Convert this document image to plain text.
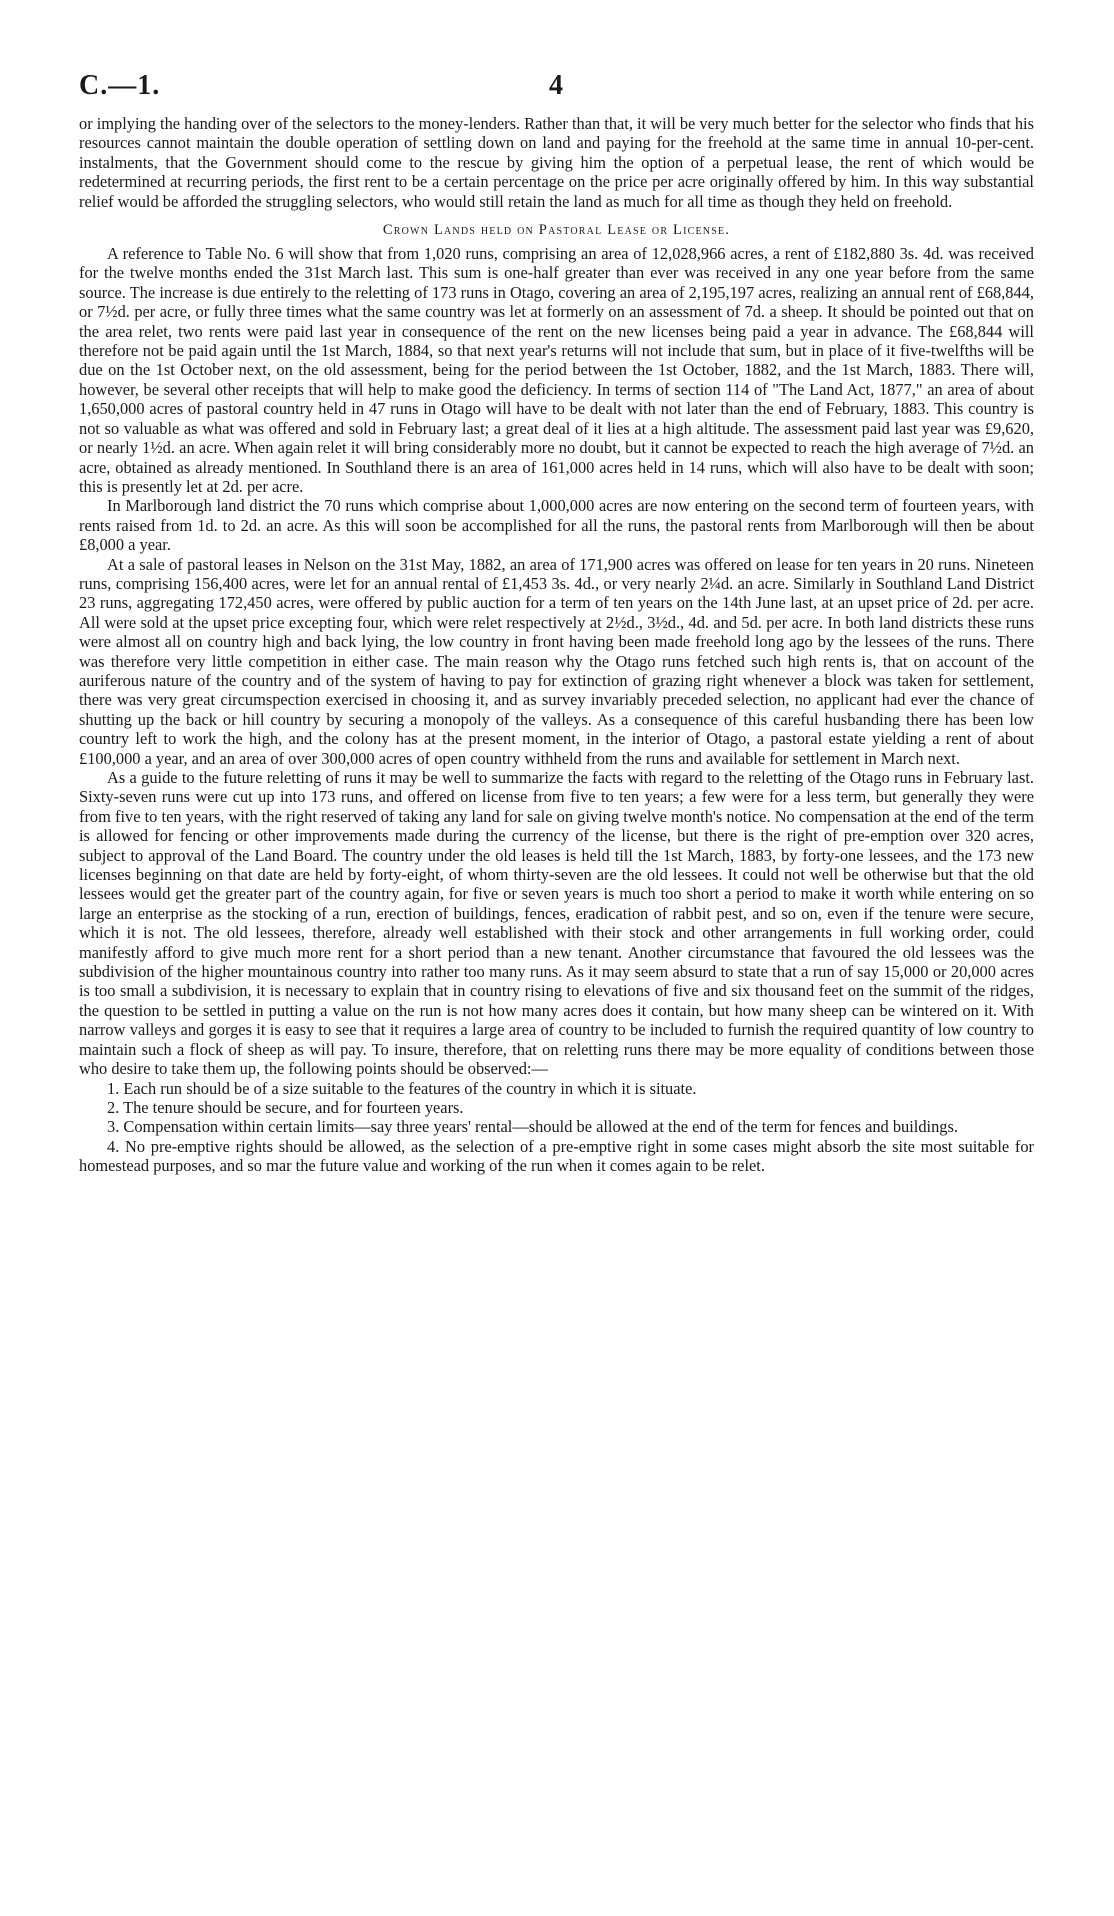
C.—1.	4

or implying the handing over of the selectors to the money-lenders. Rather than that, it will be very much better for the selector who finds that his resources cannot maintain the double operation of settling down on land and paying for the freehold at the same time in annual 10-per-cent. instalments, that the Government should come to the rescue by giving him the option of a perpetual lease, the rent of which would be redetermined at recurring periods, the first rent to be a certain percentage on the price per acre originally offered by him. In this way substantial relief would be afforded the struggling selectors, who would still retain the land as much for all time as though they held on freehold.

Crown Lands held on Pastoral Lease or License.

A reference to Table No. 6 will show that from 1,020 runs, comprising an area of 12,028,966 acres, a rent of £182,880 3s. 4d. was received for the twelve months ended the 31st March last. This sum is one-half greater than ever was received in any one year before from the same source. The increase is due entirely to the reletting of 173 runs in Otago, covering an area of 2,195,197 acres, realizing an annual rent of £68,844, or 7½d. per acre, or fully three times what the same country was let at formerly on an assessment of 7d. a sheep. It should be pointed out that on the area relet, two rents were paid last year in consequence of the rent on the new licenses being paid a year in advance. The £68,844 will therefore not be paid again until the 1st March, 1884, so that next year's returns will not include that sum, but in place of it five-twelfths will be due on the 1st October next, on the old assessment, being for the period between the 1st October, 1882, and the 1st March, 1883. There will, however, be several other receipts that will help to make good the deficiency. In terms of section 114 of "The Land Act, 1877," an area of about 1,650,000 acres of pastoral country held in 47 runs in Otago will have to be dealt with not later than the end of February, 1883. This country is not so valuable as what was offered and sold in February last; a great deal of it lies at a high altitude. The assessment paid last year was £9,620, or nearly 1½d. an acre. When again relet it will bring considerably more no doubt, but it cannot be expected to reach the high average of 7½d. an acre, obtained as already mentioned. In Southland there is an area of 161,000 acres held in 14 runs, which will also have to be dealt with soon; this is presently let at 2d. per acre.

In Marlborough land district the 70 runs which comprise about 1,000,000 acres are now entering on the second term of fourteen years, with rents raised from 1d. to 2d. an acre. As this will soon be accomplished for all the runs, the pastoral rents from Marlborough will then be about £8,000 a year.

At a sale of pastoral leases in Nelson on the 31st May, 1882, an area of 171,900 acres was offered on lease for ten years in 20 runs. Nineteen runs, comprising 156,400 acres, were let for an annual rental of £1,453 3s. 4d., or very nearly 2¼d. an acre. Similarly in Southland Land District 23 runs, aggregating 172,450 acres, were offered by public auction for a term of ten years on the 14th June last, at an upset price of 2d. per acre. All were sold at the upset price excepting four, which were relet respectively at 2½d., 3½d., 4d. and 5d. per acre. In both land districts these runs were almost all on country high and back lying, the low country in front having been made freehold long ago by the lessees of the runs. There was therefore very little competition in either case. The main reason why the Otago runs fetched such high rents is, that on account of the auriferous nature of the country and of the system of having to pay for extinction of grazing right whenever a block was taken for settlement, there was very great circumspection exercised in choosing it, and as survey invariably preceded selection, no applicant had ever the chance of shutting up the back or hill country by securing a monopoly of the valleys. As a consequence of this careful husbanding there has been low country left to work the high, and the colony has at the present moment, in the interior of Otago, a pastoral estate yielding a rent of about £100,000 a year, and an area of over 300,000 acres of open country withheld from the runs and available for settlement in March next.

As a guide to the future reletting of runs it may be well to summarize the facts with regard to the reletting of the Otago runs in February last. Sixty-seven runs were cut up into 173 runs, and offered on license from five to ten years; a few were for a less term, but generally they were from five to ten years, with the right reserved of taking any land for sale on giving twelve month's notice. No compensation at the end of the term is allowed for fencing or other improvements made during the currency of the license, but there is the right of pre-emption over 320 acres, subject to approval of the Land Board. The country under the old leases is held till the 1st March, 1883, by forty-one lessees, and the 173 new licenses beginning on that date are held by forty-eight, of whom thirty-seven are the old lessees. It could not well be otherwise but that the old lessees would get the greater part of the country again, for five or seven years is much too short a period to make it worth while entering on so large an enterprise as the stocking of a run, erection of buildings, fences, eradication of rabbit pest, and so on, even if the tenure were secure, which it is not. The old lessees, therefore, already well established with their stock and other arrangements in full working order, could manifestly afford to give much more rent for a short period than a new tenant. Another circumstance that favoured the old lessees was the subdivision of the higher mountainous country into rather too many runs. As it may seem absurd to state that a run of say 15,000 or 20,000 acres is too small a subdivision, it is necessary to explain that in country rising to elevations of five and six thousand feet on the summit of the ridges, the question to be settled in putting a value on the run is not how many acres does it contain, but how many sheep can be wintered on it. With narrow valleys and gorges it is easy to see that it requires a large area of country to be included to furnish the required quantity of low country to maintain such a flock of sheep as will pay. To insure, therefore, that on reletting runs there may be more equality of conditions between those who desire to take them up, the following points should be observed:—

1. Each run should be of a size suitable to the features of the country in which it is situate.

2. The tenure should be secure, and for fourteen years.

3. Compensation within certain limits—say three years' rental—should be allowed at the end of the term for fences and buildings.

4. No pre-emptive rights should be allowed, as the selection of a pre-emptive right in some cases might absorb the site most suitable for homestead purposes, and so mar the future value and working of the run when it comes again to be relet.
